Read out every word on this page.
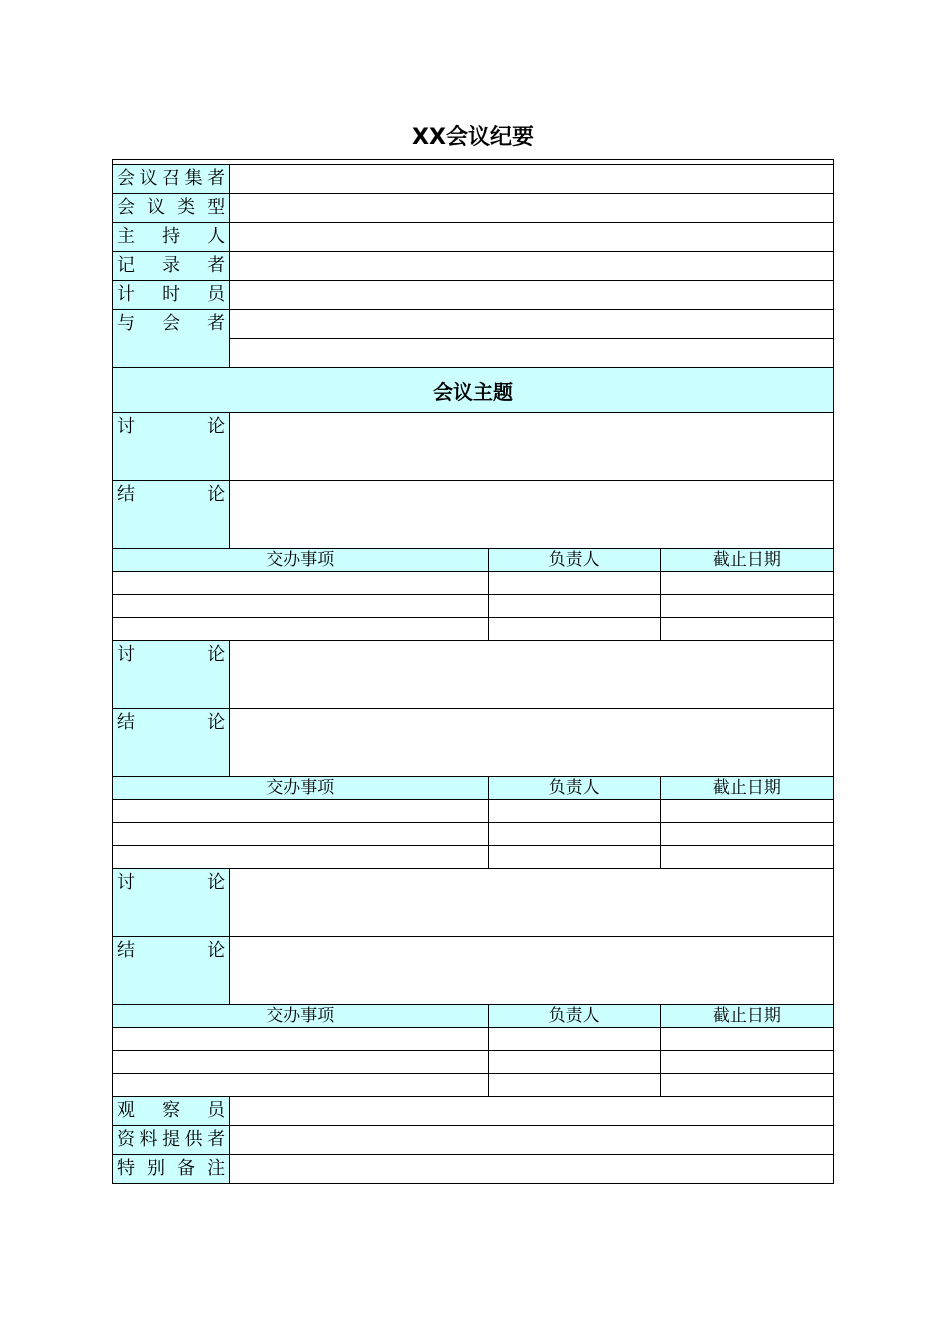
XX会议纪要
会 议 召 集 者			

会 议 类 型			

主 持 人			

记 录 者			

计 时 员			

与 会 者			

会议主题			

讨 论			

结 论			

交办事项		负责人	截止日期

讨 论			

结 论			

交办事项		负责人	截止日期

讨 论			

结 论			

交办事项		负责人	截止日期

观 察 员			

资 料 提 供 者			

特 别 备 注			
